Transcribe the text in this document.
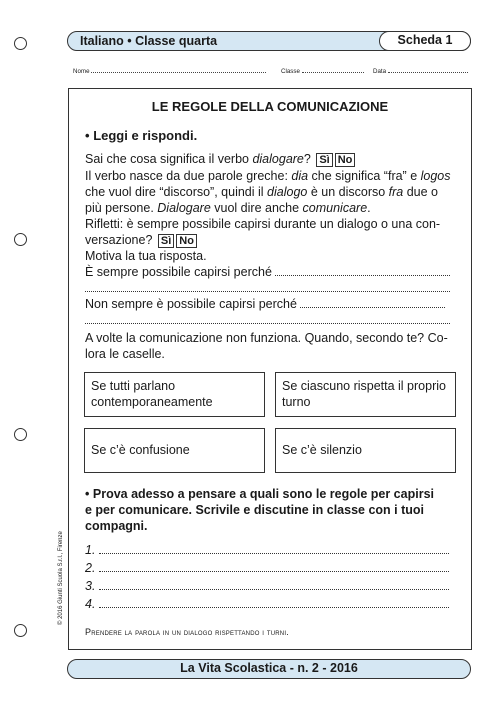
Italiano • Classe quarta	Scheda 1
Nome	Classe	Data
LE REGOLE DELLA COMUNICAZIONE
• Leggi e rispondi.
Sai che cosa significa il verbo dialogare? Sì No
Il verbo nasce da due parole greche: dia che significa “fra” e logos
che vuol dire “discorso”, quindi il dialogo è un discorso fra due o
più persone. Dialogare vuol dire anche comunicare.
Rifletti: è sempre possibile capirsi durante un dialogo o una con-
versazione? Sì No
Motiva la tua risposta.
È sempre possibile capirsi perché
Non sempre è possibile capirsi perché
A volte la comunicazione non funziona. Quando, secondo te? Co-
lora le caselle.
Se tutti parlano
contemporaneamente
Se ciascuno rispetta il proprio
turno
Se c’è confusione	Se c’è silenzio
• Prova adesso a pensare a quali sono le regole per capirsi
e per comunicare. Scrivile e discutine in classe con i tuoi
compagni.
1.
2.
3.
4.
Prendere la parola in un dialogo rispettando i turni.
© 2016 Giunti Scuola S.r.l., Firenze
La Vita Scolastica - n. 2 - 2016
